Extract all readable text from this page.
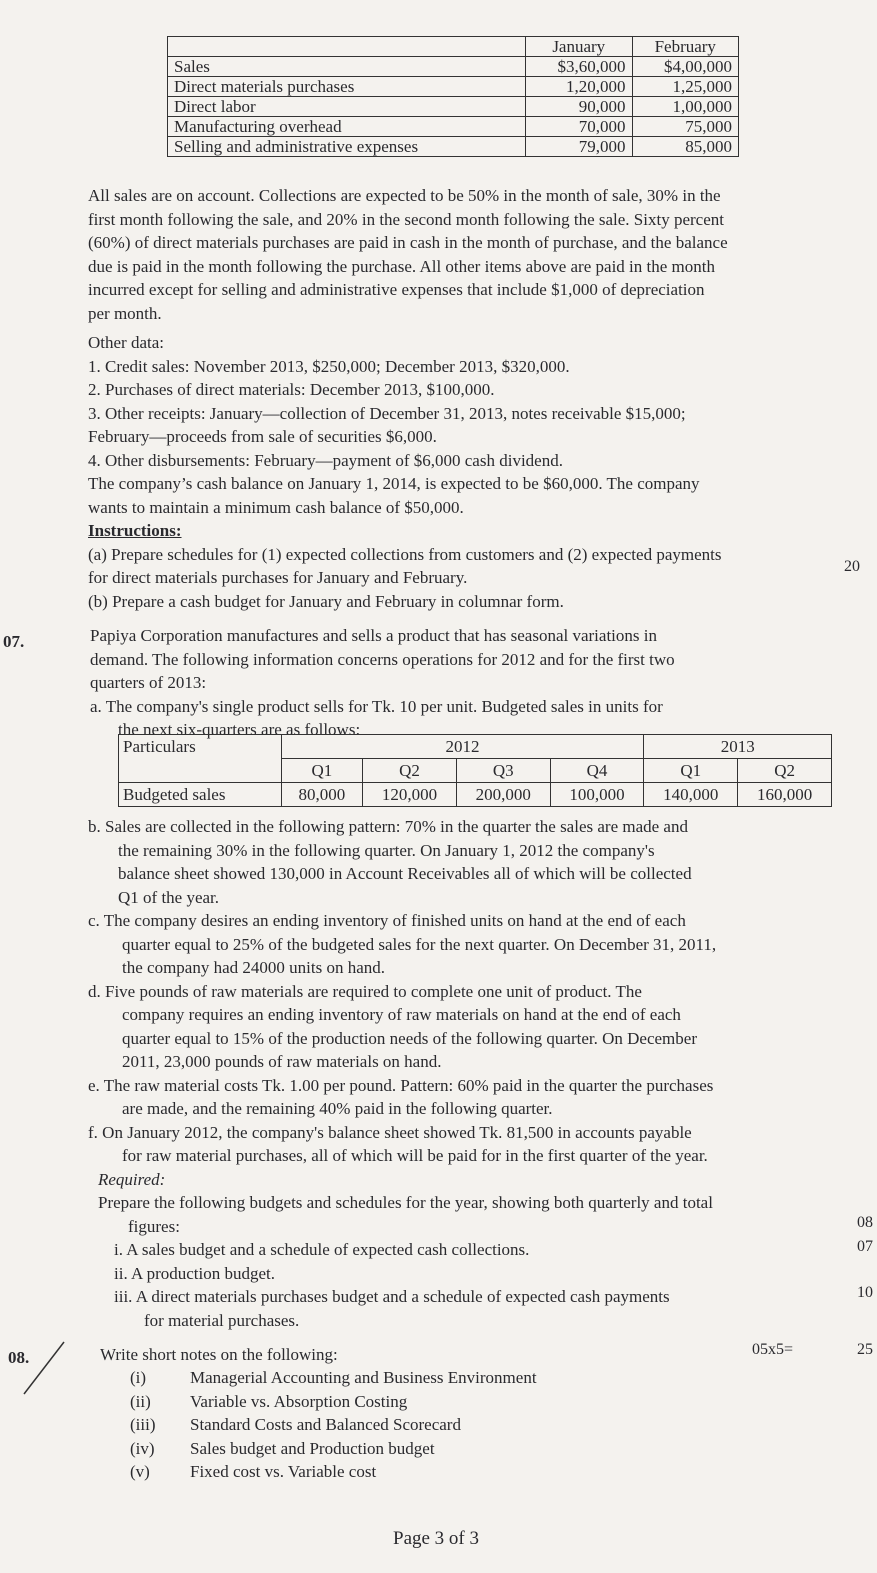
	January	February
Sales	$3,60,000	$4,00,000
Direct materials purchases	1,20,000	1,25,000
Direct labor	90,000	1,00,000
Manufacturing overhead	70,000	75,000
Selling and administrative expenses	79,000	85,000
All sales are on account. Collections are expected to be 50% in the month of sale, 30% in the
first month following the sale, and 20% in the second month following the sale. Sixty percent
(60%) of direct materials purchases are paid in cash in the month of purchase, and the balance
due is paid in the month following the purchase. All other items above are paid in the month
incurred except for selling and administrative expenses that include $1,000 of depreciation
per month.
Other data:
1. Credit sales: November 2013, $250,000; December 2013, $320,000.
2. Purchases of direct materials: December 2013, $100,000.
3. Other receipts: January—collection of December 31, 2013, notes receivable $15,000;
February—proceeds from sale of securities $6,000.
4. Other disbursements: February—payment of $6,000 cash dividend.
The company’s cash balance on January 1, 2014, is expected to be $60,000. The company
wants to maintain a minimum cash balance of $50,000.
Instructions:
(a) Prepare schedules for (1) expected collections from customers and (2) expected payments
for direct materials purchases for January and February.
(b) Prepare a cash budget for January and February in columnar form.
20
07.	Papiya Corporation manufactures and sells a product that has seasonal variations in
demand. The following information concerns operations for 2012 and for the first two
quarters of 2013:
a. The company's single product sells for Tk. 10 per unit. Budgeted sales in units for
the next six-quarters are as follows:
Particulars	2012				2013	
	Q1	Q2	Q3	Q4	Q1	Q2
Budgeted sales	80,000	120,000	200,000	100,000	140,000	160,000
b. Sales are collected in the following pattern: 70% in the quarter the sales are made and
the remaining 30% in the following quarter. On January 1, 2012 the company's
balance sheet showed 130,000 in Account Receivables all of which will be collected
Q1 of the year.
c. The company desires an ending inventory of finished units on hand at the end of each
quarter equal to 25% of the budgeted sales for the next quarter. On December 31, 2011,
the company had 24000 units on hand.
d. Five pounds of raw materials are required to complete one unit of product. The
company requires an ending inventory of raw materials on hand at the end of each
quarter equal to 15% of the production needs of the following quarter. On December
2011, 23,000 pounds of raw materials on hand.
e. The raw material costs Tk. 1.00 per pound. Pattern: 60% paid in the quarter the purchases
are made, and the remaining 40% paid in the following quarter.
f. On January 2012, the company's balance sheet showed Tk. 81,500 in accounts payable
for raw material purchases, all of which will be paid for in the first quarter of the year.
Required:
Prepare the following budgets and schedules for the year, showing both quarterly and total
figures:
i. A sales budget and a schedule of expected cash collections.
ii. A production budget.
iii. A direct materials purchases budget and a schedule of expected cash payments
for material purchases.
08
07
10
08.	Write short notes on the following:	05x5=	25
(i)	Managerial Accounting and Business Environment
(ii) Variable vs. Absorption Costing
(iii) Standard Costs and Balanced Scorecard
(iv) Sales budget and Production budget
(v) Fixed cost vs. Variable cost
Page 3 of 3
